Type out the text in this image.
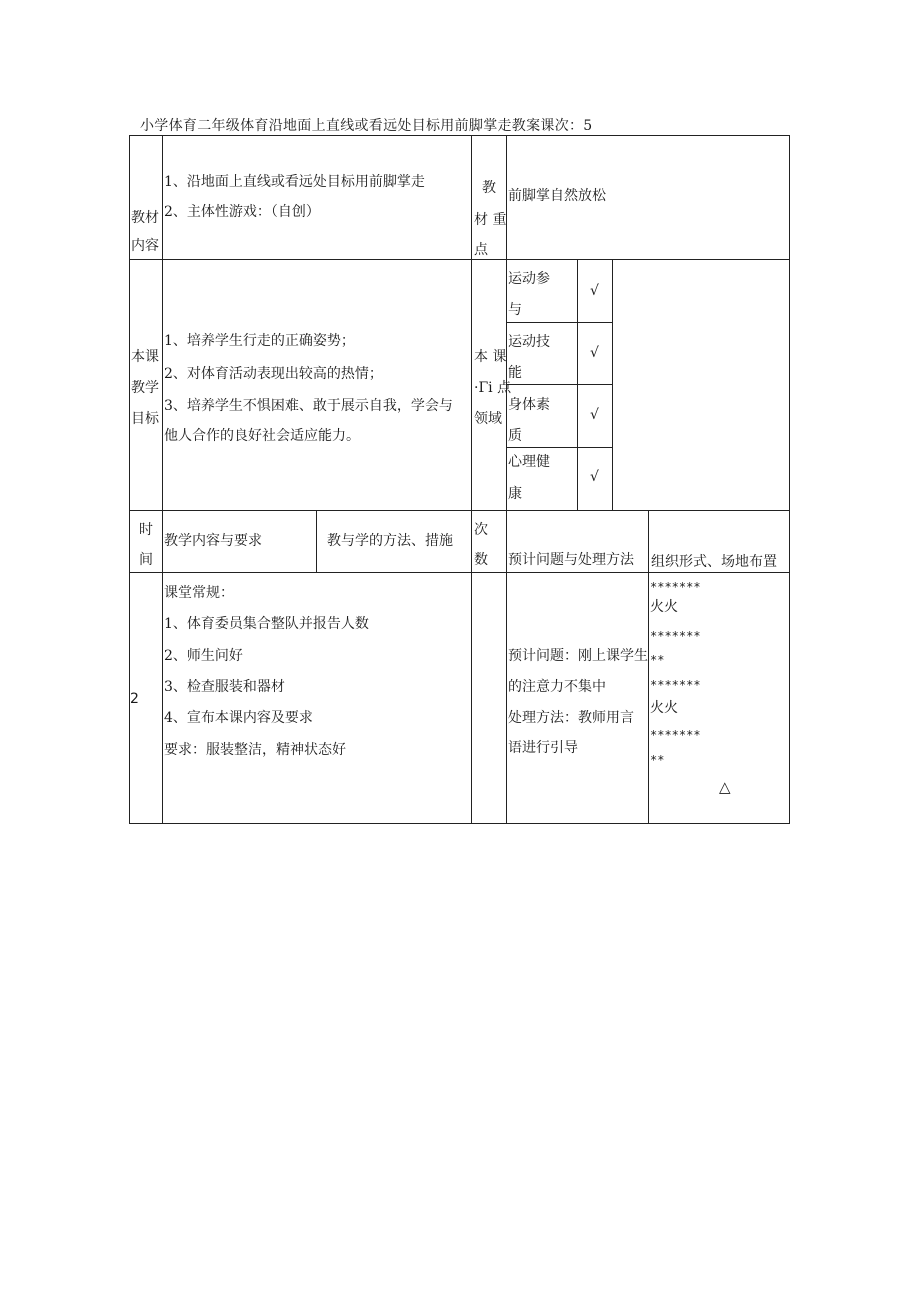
小学体育二年级体育沿地面上直线或看远处目标用前脚掌走教案课次：5
教材
内容
1、沿地面上直线或看远处目标用前脚掌走
2、主体性游戏：（自创）
教
材 重
点
前脚掌自然放松
本课
教学
目标
1、培养学生行走的正确姿势；
2、对体育活动表现出较高的热情；
3、培养学生不惧困难、敢于展示自我，学会与
他人合作的良好社会适应能力。
本 课
·Γi 点
领域
运动参
与
√
运动技
能
√
身体素
质
√
心理健
康
√
时
间
教学内容与要求	教与学的方法、措施
次
数 预计问题与处理方法 组织形式、场地布置
2
课堂常规：
1、体育委员集合整队并报告人数
2、师生问好
3、检查服装和器材
4、宣布本课内容及要求
要求：服装整洁，精神状态好
预计问题：刚上课学生
的注意力不集中
处理方法：教师用言
语进行引导
*******
火火
*******
**
*******
火火
*******
**
△
